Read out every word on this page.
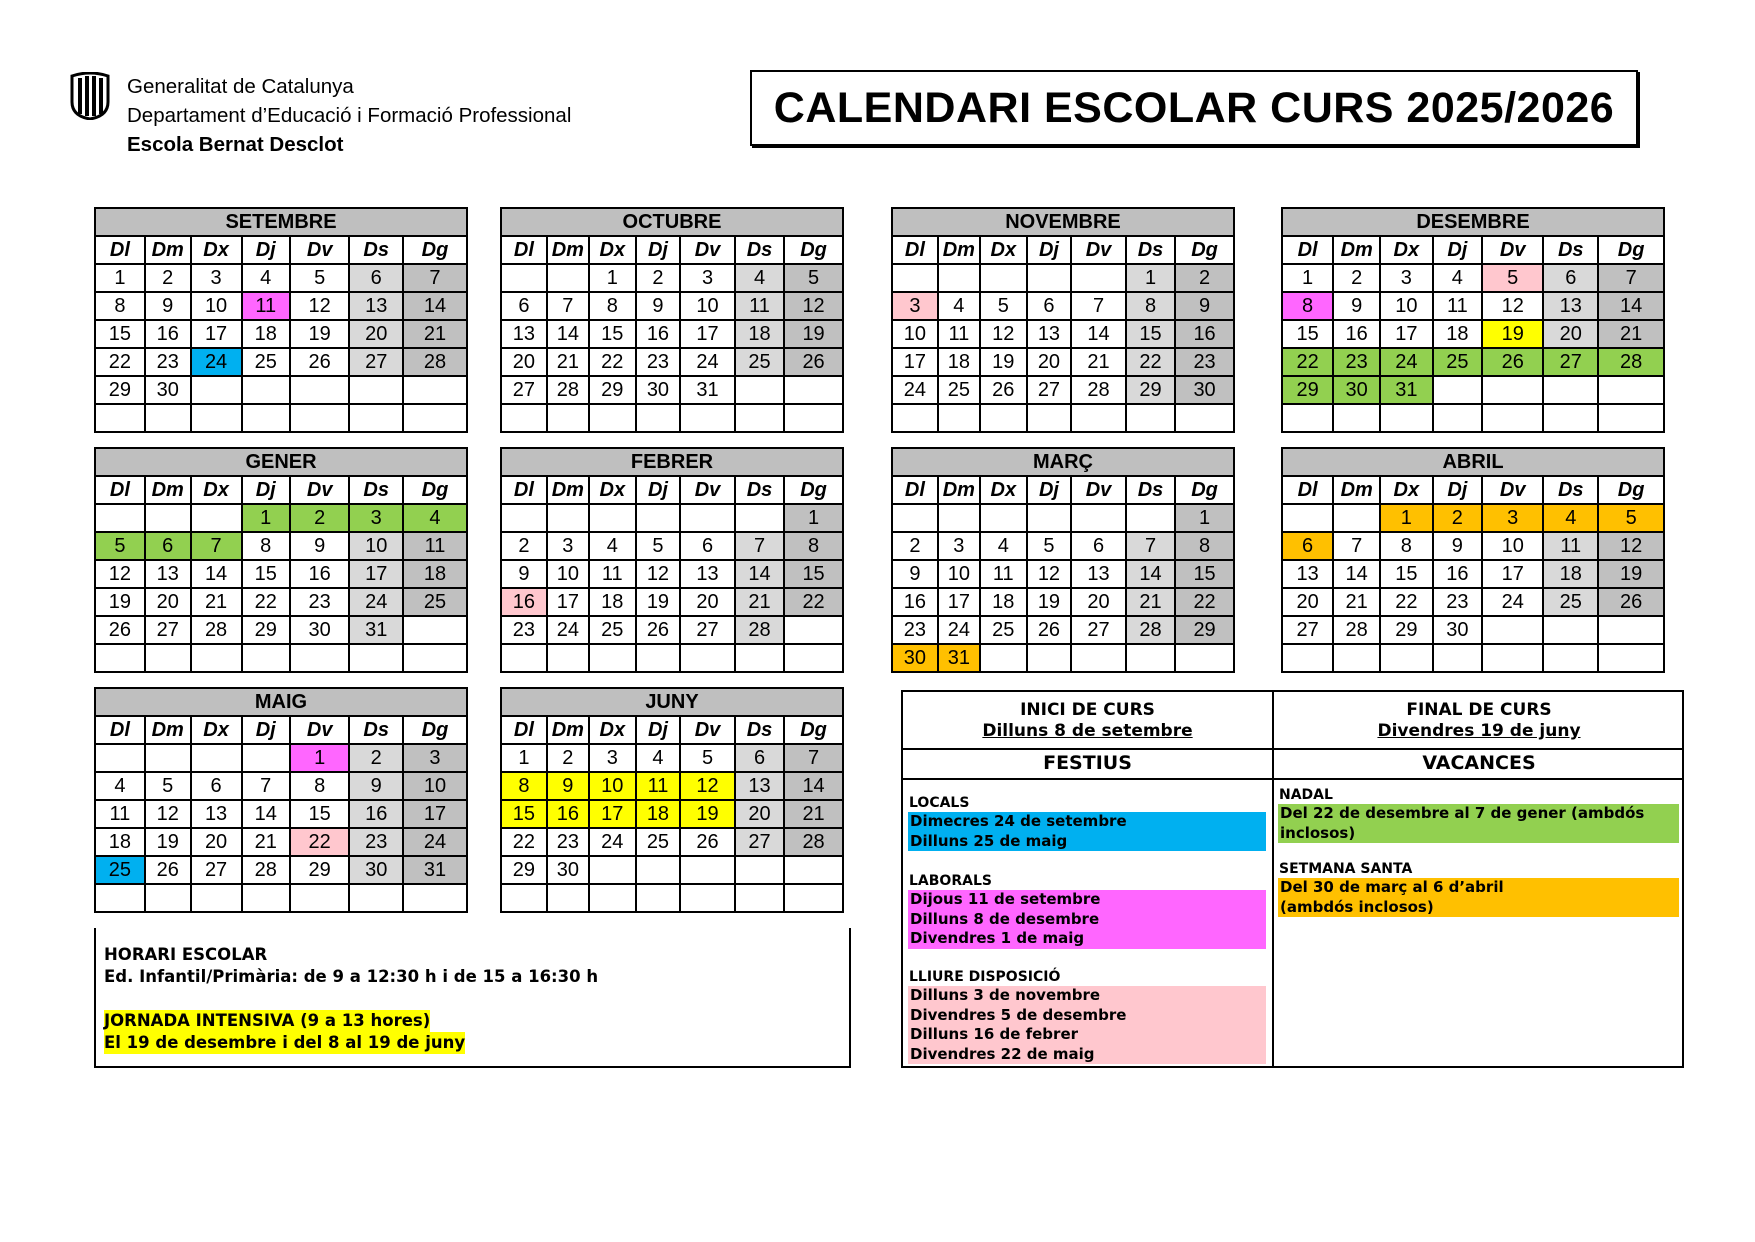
Generalitat de Catalunya
Departament d’Educació i Formació Professional
Escola Bernat Desclot
CALENDARI ESCOLAR CURS 2025/2026
SETEMBRE						
Dl	Dm	Dx	Dj	Dv	Ds	Dg
1	2	3	4	5	6	7
8	9	10	11	12	13	14
15	16	17	18	19	20	21
22	23	24	25	26	27	28
29	30					

OCTUBRE						
Dl	Dm	Dx	Dj	Dv	Ds	Dg
		1	2	3	4	5
6	7	8	9	10	11	12
13	14	15	16	17	18	19
20	21	22	23	24	25	26
27	28	29	30	31		

NOVEMBRE						
Dl	Dm	Dx	Dj	Dv	Ds	Dg
					1	2
3	4	5	6	7	8	9
10	11	12	13	14	15	16
17	18	19	20	21	22	23
24	25	26	27	28	29	30

DESEMBRE						
Dl	Dm	Dx	Dj	Dv	Ds	Dg
1	2	3	4	5	6	7
8	9	10	11	12	13	14
15	16	17	18	19	20	21
22	23	24	25	26	27	28
29	30	31				

GENER						
Dl	Dm	Dx	Dj	Dv	Ds	Dg
			1	2	3	4
5	6	7	8	9	10	11
12	13	14	15	16	17	18
19	20	21	22	23	24	25
26	27	28	29	30	31	

FEBRER						
Dl	Dm	Dx	Dj	Dv	Ds	Dg
						1
2	3	4	5	6	7	8
9	10	11	12	13	14	15
16	17	18	19	20	21	22
23	24	25	26	27	28	

MARÇ						
Dl	Dm	Dx	Dj	Dv	Ds	Dg
						1
2	3	4	5	6	7	8
9	10	11	12	13	14	15
16	17	18	19	20	21	22
23	24	25	26	27	28	29
30	31					
ABRIL						
Dl	Dm	Dx	Dj	Dv	Ds	Dg
		1	2	3	4	5
6	7	8	9	10	11	12
13	14	15	16	17	18	19
20	21	22	23	24	25	26
27	28	29	30			

MAIG						
Dl	Dm	Dx	Dj	Dv	Ds	Dg
				1	2	3
4	5	6	7	8	9	10
11	12	13	14	15	16	17
18	19	20	21	22	23	24
25	26	27	28	29	30	31

JUNY						
Dl	Dm	Dx	Dj	Dv	Ds	Dg
1	2	3	4	5	6	7
8	9	10	11	12	13	14
15	16	17	18	19	20	21
22	23	24	25	26	27	28
29	30					

HORARI ESCOLAR
Ed. Infantil/Primària: de 9 a 12:30 h i de 15 a 16:30 h
JORNADA INTENSIVA (9 a 13 hores)
El 19 de desembre i del 8 al 19 de juny
INICI DE CURS
Dilluns 8 de setembre
FINAL DE CURS
Divendres 19 de juny
FESTIUS	VACANCES
LOCALS
Dimecres 24 de setembre
Dilluns 25 de maig
LABORALS
Dijous 11 de setembre
Dilluns 8 de desembre
Divendres 1 de maig
LLIURE DISPOSICIÓ
Dilluns 3 de novembre
Divendres 5 de desembre
Dilluns 16 de febrer
Divendres 22 de maig
NADAL
Del 22 de desembre al 7 de gener (ambdós
inclosos)
SETMANA SANTA
Del 30 de març al 6 d’abril
(ambdós inclosos)
